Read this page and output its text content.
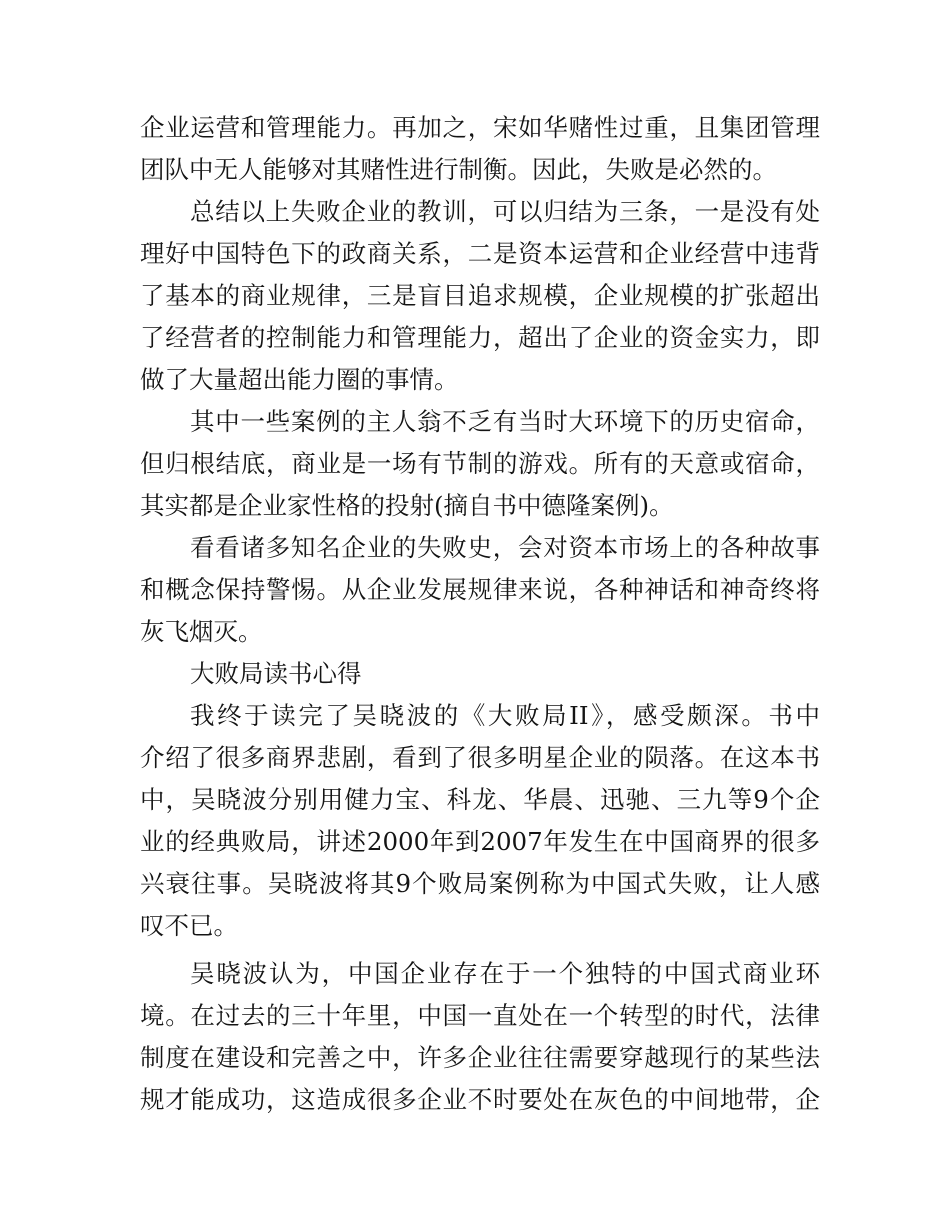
企业运营和管理能力。再加之，宋如华赌性过重，且集团管理
团队中无人能够对其赌性进行制衡。因此，失败是必然的。
总结以上失败企业的教训，可以归结为三条，一是没有处
理好中国特色下的政商关系，二是资本运营和企业经营中违背
了基本的商业规律，三是盲目追求规模，企业规模的扩张超出
了经营者的控制能力和管理能力，超出了企业的资金实力，即
做了大量超出能力圈的事情。
其中一些案例的主人翁不乏有当时大环境下的历史宿命，
但归根结底，商业是一场有节制的游戏。所有的天意或宿命，
其实都是企业家性格的投射(摘自书中德隆案例)。
看看诸多知名企业的失败史，会对资本市场上的各种故事
和概念保持警惕。从企业发展规律来说，各种神话和神奇终将
灰飞烟灭。
大败局读书心得
我终于读完了吴晓波的《大败局II》，感受颇深。书中
介绍了很多商界悲剧，看到了很多明星企业的陨落。在这本书
中，吴晓波分别用健力宝、科龙、华晨、迅驰、三九等9个企
业的经典败局，讲述2000年到2007年发生在中国商界的很多
兴衰往事。吴晓波将其9个败局案例称为中国式失败，让人感
叹不已。
吴晓波认为，中国企业存在于一个独特的中国式商业环
境。在过去的三十年里，中国一直处在一个转型的时代，法律
制度在建设和完善之中，许多企业往往需要穿越现行的某些法
规才能成功，这造成很多企业不时要处在灰色的中间地带，企
